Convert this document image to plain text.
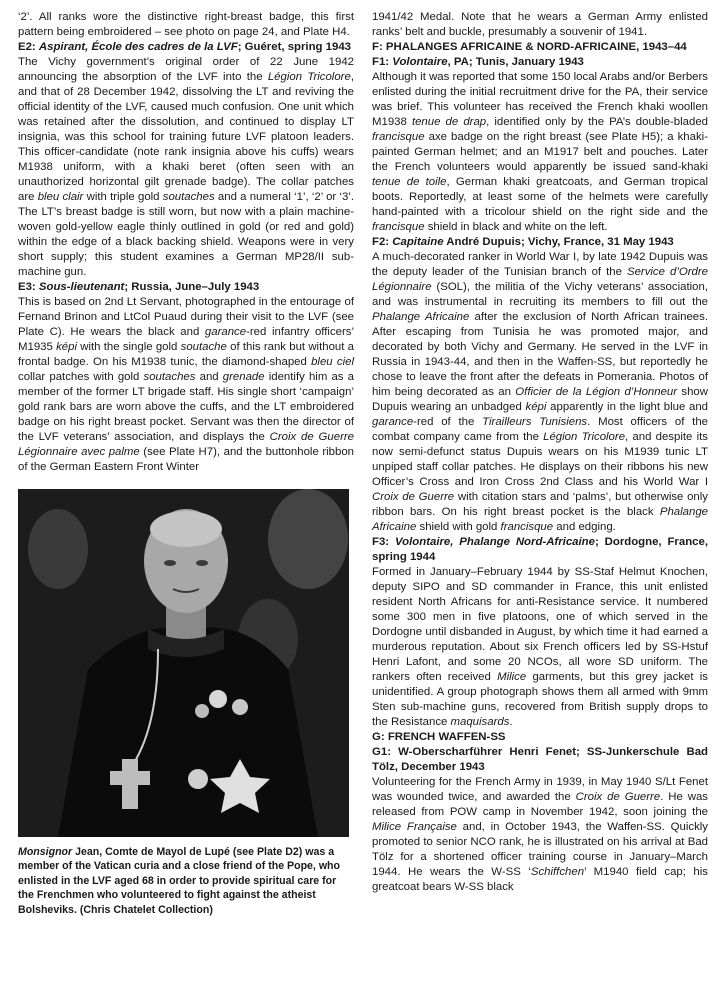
‘2’. All ranks wore the distinctive right-breast badge, this first pattern being embroidered – see photo on page 24, and Plate H4.

E2: Aspirant, École des cadres de la LVF; Guéret, spring 1943

The Vichy government’s original order of 22 June 1942 announcing the absorption of the LVF into the Légion Tricolore, and that of 28 December 1942, dissolving the LT and reviving the official identity of the LVF, caused much confusion. One unit which was retained after the dissolution, and continued to display LT insignia, was this school for training future LVF platoon leaders. This officer-candidate (note rank insignia above his cuffs) wears M1938 uniform, with a khaki beret (often seen with an unauthorized horizontal gilt grenade badge). The collar patches are bleu clair with triple gold soutaches and a numeral ‘1’, ‘2’ or ‘3’. The LT’s breast badge is still worn, but now with a plain machine-woven gold-yellow eagle thinly outlined in gold (or red and gold) within the edge of a black backing shield. Weapons were in very short supply; this student examines a German MP28/II sub-machine gun.

E3: Sous-lieutenant; Russia, June–July 1943

This is based on 2nd Lt Servant, photographed in the entourage of Fernand Brinon and LtCol Puaud during their visit to the LVF (see Plate C). He wears the black and garance-red infantry officers’ M1935 képi with the single gold soutache of this rank but without a frontal badge. On his M1938 tunic, the diamond-shaped bleu ciel collar patches with gold soutaches and grenade identify him as a member of the former LT brigade staff. His single short ‘campaign’ gold rank bars are worn above the cuffs, and the LT embroidered badge on his right breast pocket. Servant was then the director of the LVF veterans’ association, and displays the Croix de Guerre Légionnaire avec palme (see Plate H7), and the buttonhole ribbon of the German Eastern Front Winter

Monsignor Jean, Comte de Mayol de Lupé (see Plate D2) was a member of the Vatican curia and a close friend of the Pope, who enlisted in the LVF aged 68 in order to provide spiritual care for the Frenchmen who volunteered to fight against the atheist Bolsheviks. (Chris Chatelet Collection)

1941/42 Medal. Note that he wears a German Army enlisted ranks’ belt and buckle, presumably a souvenir of 1941.

F: PHALANGES AFRICAINE & NORD-AFRICAINE, 1943–44

F1: Volontaire, PA; Tunis, January 1943

Although it was reported that some 150 local Arabs and/or Berbers enlisted during the initial recruitment drive for the PA, their service was brief. This volunteer has received the French khaki woollen M1938 tenue de drap, identified only by the PA’s double-bladed francisque axe badge on the right breast (see Plate H5); a khaki-painted German helmet; and an M1917 belt and pouches. Later the French volunteers would apparently be issued sand-khaki tenue de toile, German khaki greatcoats, and German tropical boots. Reportedly, at least some of the helmets were carefully hand-painted with a tricolour shield on the right side and the francisque shield in black and white on the left.

F2: Capitaine André Dupuis; Vichy, France, 31 May 1943

A much-decorated ranker in World War I, by late 1942 Dupuis was the deputy leader of the Tunisian branch of the Service d’Ordre Légionnaire (SOL), the militia of the Vichy veterans’ association, and was instrumental in recruiting its members to fill out the Phalange Africaine after the exclusion of North African trainees. After escaping from Tunisia he was promoted major, and decorated by both Vichy and Germany. He served in the LVF in Russia in 1943-44, and then in the Waffen-SS, but reportedly he chose to leave the front after the defeats in Pomerania. Photos of him being decorated as an Officier de la Légion d’Honneur show Dupuis wearing an unbadged képi apparently in the light blue and garance-red of the Tirailleurs Tunisiens. Most officers of the combat company came from the Légion Tricolore, and despite its now semi-defunct status Dupuis wears on his M1939 tunic LT unpiped staff collar patches. He displays on their ribbons his new Officer’s Cross and Iron Cross 2nd Class and his World War I Croix de Guerre with citation stars and ‘palms’, but otherwise only ribbon bars. On his right breast pocket is the black Phalange Africaine shield with gold francisque and edging.

F3: Volontaire, Phalange Nord-Africaine; Dordogne, France, spring 1944

Formed in January–February 1944 by SS-Staf Helmut Knochen, deputy SIPO and SD commander in France, this unit enlisted resident North Africans for anti-Resistance service. It numbered some 300 men in five platoons, one of which served in the Dordogne until disbanded in August, by which time it had earned a murderous reputation. About six French officers led by SS-Hstuf Henri Lafont, and some 20 NCOs, all wore SD uniform. The rankers often received Milice garments, but this grey jacket is unidentified. A group photograph shows them all armed with 9mm Sten sub-machine guns, recovered from British supply drops to the Resistance maquisards.

G: FRENCH WAFFEN-SS

G1: W-Oberscharführer Henri Fenet; SS-Junkerschule Bad Tölz, December 1943

Volunteering for the French Army in 1939, in May 1940 S/Lt Fenet was wounded twice, and awarded the Croix de Guerre. He was released from POW camp in November 1942, soon joining the Milice Française and, in October 1943, the Waffen-SS. Quickly promoted to senior NCO rank, he is illustrated on his arrival at Bad Tölz for a shortened officer training course in January–March 1944. He wears the W-SS ‘Schiffchen’ M1940 field cap; his greatcoat bears W-SS black
